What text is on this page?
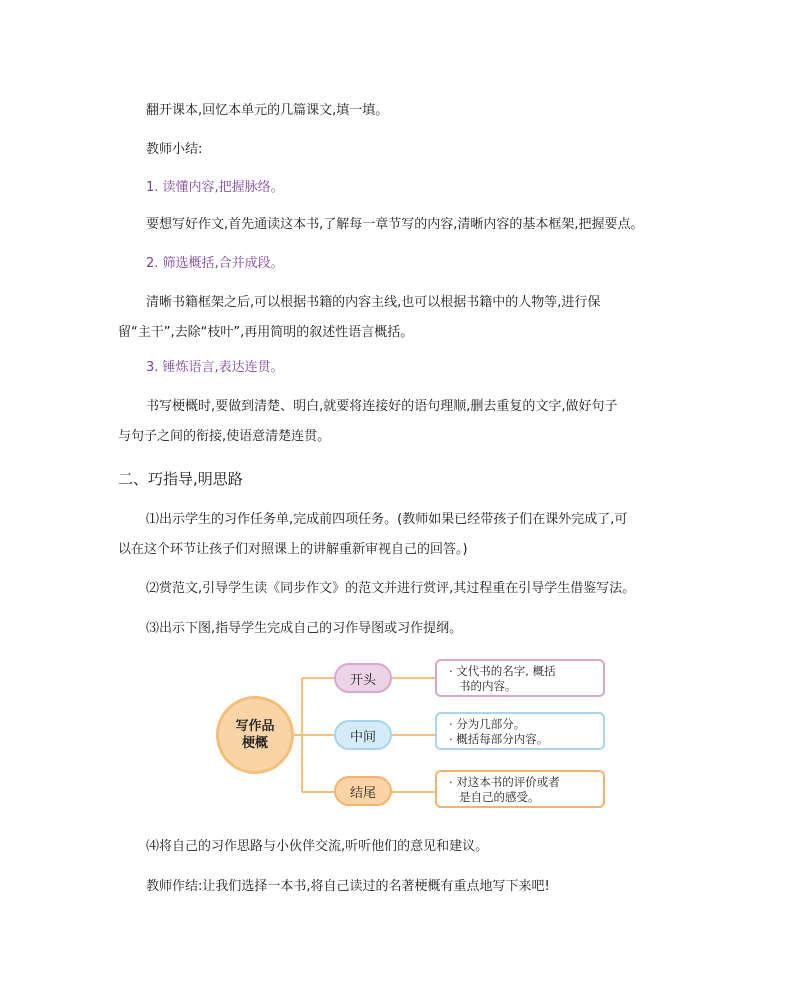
翻开课本,回忆本单元的几篇课文,填一填。
教师小结:
1. 读懂内容,把握脉络。
要想写好作文,首先通读这本书,了解每一章节写的内容,清晰内容的基本框架,把握要点。
2. 筛选概括,合并成段。
清晰书籍框架之后,可以根据书籍的内容主线,也可以根据书籍中的人物等,进行保留“主干”,去除“枝叶”,再用简明的叙述性语言概括。
3. 锤炼语言,表达连贯。
书写梗概时,要做到清楚、明白,就要将连接好的语句理顺,删去重复的文字,做好句子与句子之间的衔接,使语意清楚连贯。
二、巧指导,明思路
⑴出示学生的习作任务单,完成前四项任务。(教师如果已经带孩子们在课外完成了,可以在这个环节让孩子们对照课上的讲解重新审视自己的回答。)
⑵赏范文,引导学生读《同步作文》的范文并进行赏评,其过程重在引导学生借鉴写法。
⑶出示下图,指导学生完成自己的习作导图或习作提纲。
写作品
梗概
开头
中间
结尾
· 文代书的名字, 概括
书的内容。
· 分为几部分。
· 概括每部分内容。
· 对这本书的评价或者
是自己的感受。
⑷将自己的习作思路与小伙伴交流,听听他们的意见和建议。
教师作结:让我们选择一本书,将自己读过的名著梗概有重点地写下来吧!
